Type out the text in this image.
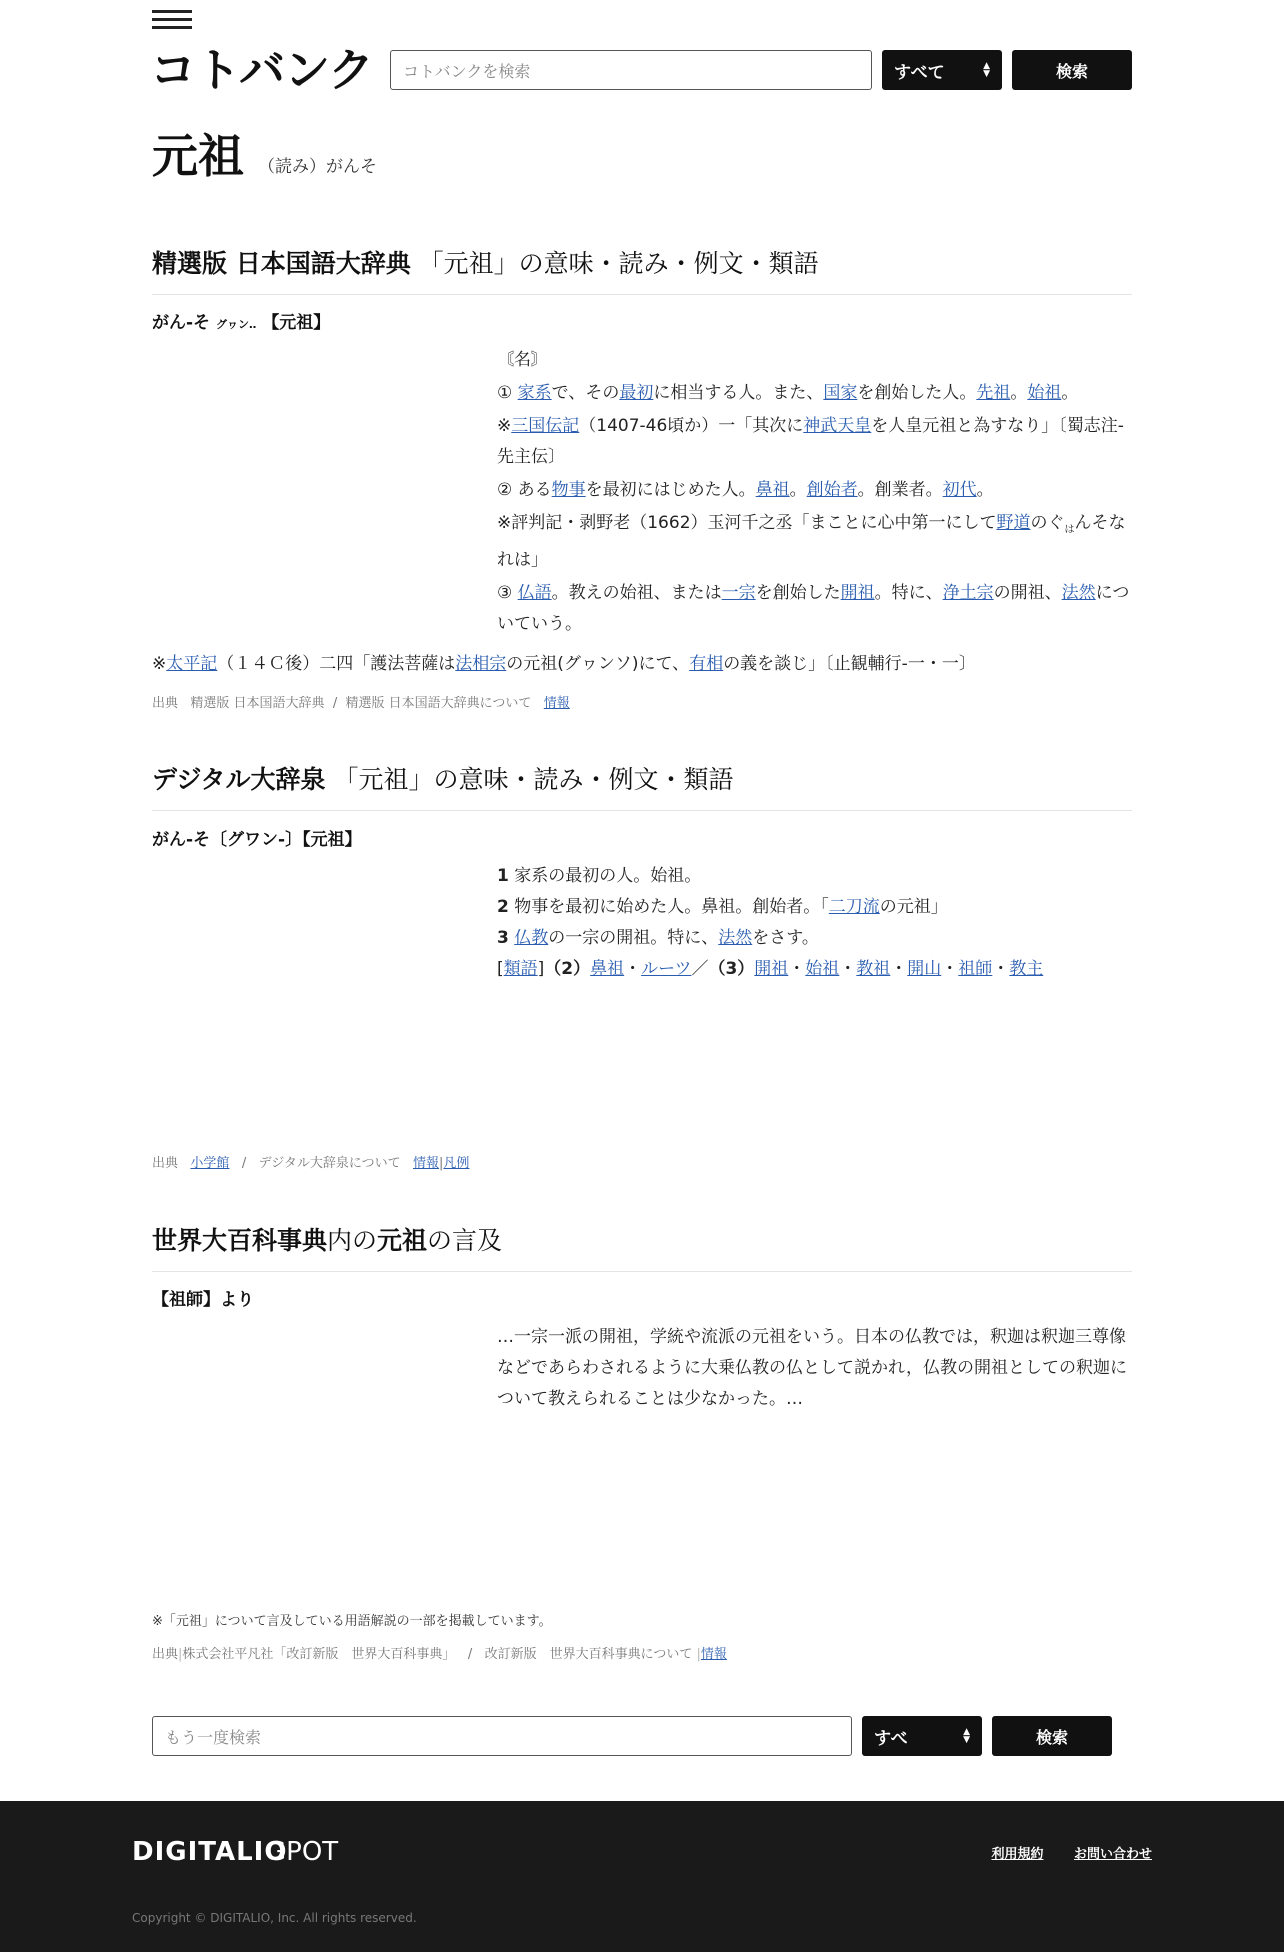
コトバンク コトバンクを検索	すべて	▲
▼	検索
元祖 （読み）がんそ
精選版 日本国語大辞典 「元祖」の意味・読み・例文・類語
がん‐そ グヮン‥ 【元祖】

〘名〙

① 家系で、その最初に相当する人。また、国家を創始した人。先祖。始祖。

※三国伝記（1407‐46頃か）一「其次に神武天皇を人皇元祖と為すなり」〔蜀志注‐先主伝〕

② ある物事を最初にはじめた人。鼻祖。創始者。創業者。初代。

※評判記・剥野老（1662）玉河千之丞「まことに心中第一にして野道のぐ$_は$んそなれは」

③ 仏語。教えの始祖、または一宗を創始した開祖。特に、浄土宗の開祖、法然についていう。

※太平記（１４Ｃ後）二四「護法菩薩は法相宗の元祖(グヮンソ)にて、有相の義を談じ」〔止観輔行‐一・一〕
出典 精選版 日本国語大辞典 / 精選版 日本国語大辞典について 情報
デジタル大辞泉 「元祖」の意味・読み・例文・類語
がん‐そ〔グワン‐〕【元祖】

1 家系の最初の人。始祖。

2 物事を最初に始めた人。鼻祖。創始者。「二刀流の元祖」

3 仏教の一宗の開祖。特に、法然をさす。

[類語]（2）鼻祖・ルーツ／（3）開祖・始祖・教祖・開山・祖師・教主

出典 小学館 / デジタル大辞泉について 情報|凡例
世界大百科事典内の元祖の言及
【祖師】より

…一宗一派の開祖，学統や流派の元祖をいう。日本の仏教では，釈迦は釈迦三尊像などであらわされるように大乗仏教の仏として説かれ，仏教の開祖としての釈迦について教えられることは少なかった。…

※「元祖」について言及している用語解説の一部を掲載しています。
出典|株式会社平凡社「改訂新版　世界大百科事典」 / 改訂新版　世界大百科事典について |情報
もう一度検索	すべ	▲
▼	検索
DIGITALIO
GPOT	利用規約 お問い合わせ
Copyright © DIGITALIO, Inc. All rights reserved.
